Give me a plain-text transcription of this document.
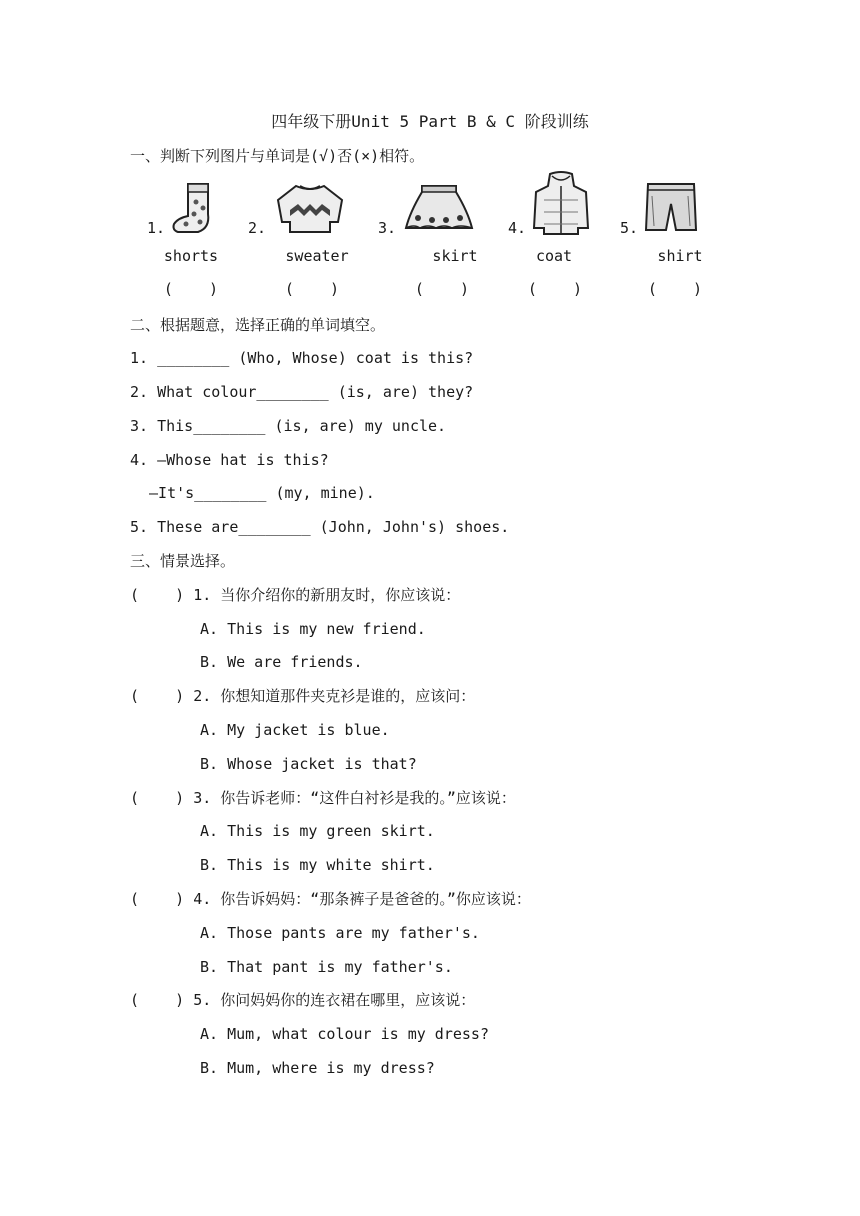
四年级下册Unit 5 Part B & C 阶段训练
一、判断下列图片与单词是(√)否(×)相符。
1.	2.	3.	4.	5.
shorts	sweater	skirt	coat	shirt
(    )	(    )	(    )	(    )	(    )
二、根据题意，选择正确的单词填空。
1. ________ (Who, Whose) coat is this?
2. What colour________ (is, are) they?
3. This________ (is, are) my uncle.
4. —Whose hat is this?
—It's________ (my, mine).
5. These are________ (John, John's) shoes.
三、情景选择。
(    ) 1. 当你介绍你的新朋友时，你应该说：
A. This is my new friend.
B. We are friends.
(    ) 2. 你想知道那件夹克衫是谁的，应该问：
A. My jacket is blue.
B. Whose jacket is that?
(    ) 3. 你告诉老师：“这件白衬衫是我的。”应该说：
A. This is my green skirt.
B. This is my white shirt.
(    ) 4. 你告诉妈妈：“那条裤子是爸爸的。”你应该说：
A. Those pants are my father's.
B. That pant is my father's.
(    ) 5. 你问妈妈你的连衣裙在哪里，应该说：
A. Mum, what colour is my dress?
B. Mum, where is my dress?
